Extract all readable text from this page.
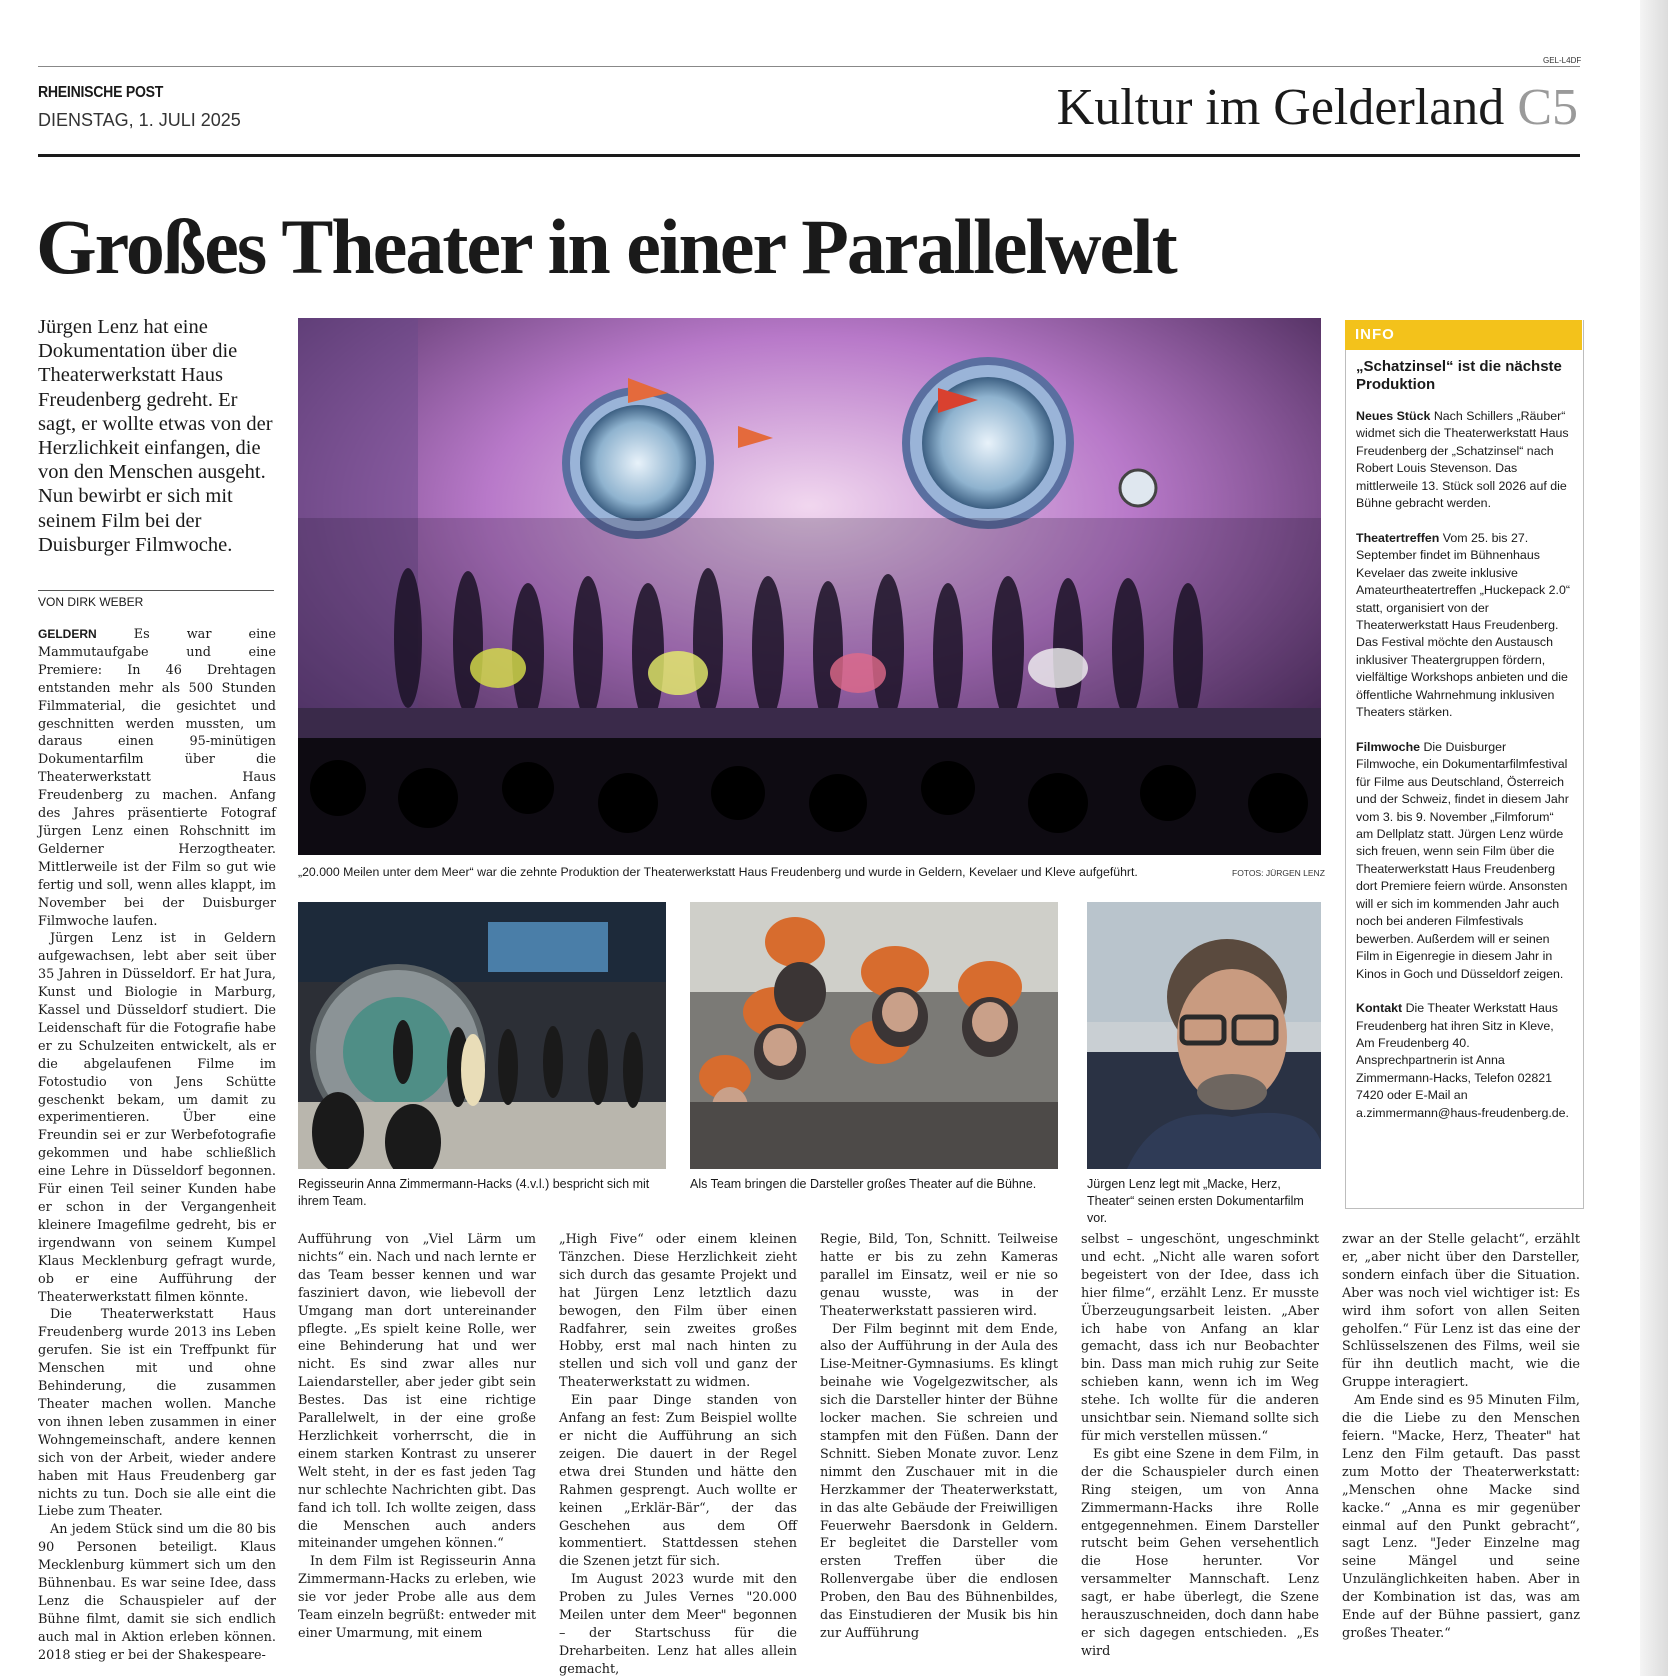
GEL-L4DF
RHEINISCHE POST
DIENSTAG, 1. JULI 2025	Kultur im Gelderland C5
Großes Theater in einer Parallelwelt
Jürgen Lenz hat eine Dokumentation über die Theaterwerkstatt Haus Freudenberg gedreht. Er sagt, er wollte etwas von der Herzlichkeit einfangen, die von den Menschen ausgeht. Nun bewirbt er sich mit seinem Film bei der Duisburger Filmwoche.
VON DIRK WEBER
„20.000 Meilen unter dem Meer“ war die zehnte Produktion der Theaterwerkstatt Haus Freudenberg und wurde in Geldern, Kevelaer und Kleve aufgeführt.	FOTOS: JÜRGEN LENZ
Regisseurin Anna Zimmermann-Hacks (4.v.l.) bespricht sich mit ihrem Team.
Als Team bringen die Darsteller großes Theater auf die Bühne.	Jürgen Lenz legt mit „Macke, Herz, Theater“ seinen ersten Dokumentarfilm vor.

GELDERN	Es war eine Mammutaufgabe und eine Premiere: In 46 Drehtagen entstanden mehr als 500 Stunden Filmmaterial, die gesichtet und geschnitten werden mussten, um daraus einen 95-minütigen Dokumentarfilm über die Theaterwerkstatt Haus Freudenberg zu machen. Anfang des Jahres präsentierte Fotograf Jürgen Lenz einen Rohschnitt im Gelderner Herzogtheater. Mittlerweile ist der Film so gut wie fertig und soll, wenn alles klappt, im November bei der Duisburger Filmwoche laufen.

Jürgen Lenz ist in Geldern aufgewachsen, lebt aber seit über 35 Jahren in Düsseldorf. Er hat Jura, Kunst und Biologie in Marburg, Kassel und Düsseldorf studiert. Die Leidenschaft für die Fotografie habe er zu Schulzeiten entwickelt, als er die abgelaufenen Filme im Fotostudio von Jens Schütte geschenkt bekam, um damit zu experimentieren. Über eine Freundin sei er zur Werbefotografie gekommen und habe schließlich eine Lehre in Düsseldorf begonnen. Für einen Teil seiner Kunden habe er schon in der Vergangenheit kleinere Imagefilme gedreht, bis er irgendwann von seinem Kumpel Klaus Mecklenburg gefragt wurde, ob er eine Aufführung der Theaterwerkstatt filmen könnte.

Die Theaterwerkstatt Haus Freudenberg wurde 2013 ins Leben gerufen. Sie ist ein Treffpunkt für Menschen mit und ohne Behinderung, die zusammen Theater machen wollen. Manche von ihnen leben zusammen in einer Wohngemeinschaft, andere kennen sich von der Arbeit, wieder andere haben mit Haus Freudenberg gar nichts zu tun. Doch sie alle eint die Liebe zum Theater.

An jedem Stück sind um die 80 bis 90 Personen beteiligt. Klaus Mecklenburg kümmert sich um den Bühnenbau. Es war seine Idee, dass Lenz die Schauspieler auf der Bühne filmt, damit sie sich endlich auch mal in Aktion erleben können. 2018 stieg er bei der Shakespeare-

Aufführung von „Viel Lärm um nichts“ ein. Nach und nach lernte er das Team besser kennen und war fasziniert davon, wie liebevoll der Umgang man dort untereinander pflegte. „Es spielt keine Rolle, wer eine Behinderung hat und wer nicht. Es sind zwar alles nur Laiendarsteller, aber jeder gibt sein Bestes. Das ist eine richtige Parallelwelt, in der eine große Herzlichkeit vorherrscht, die in einem starken Kontrast zu unserer Welt steht, in der es fast jeden Tag nur schlechte Nachrichten gibt. Das fand ich toll. Ich wollte zeigen, dass die Menschen auch anders miteinander umgehen können.“

In dem Film ist Regisseurin Anna Zimmermann-Hacks zu erleben, wie sie vor jeder Probe alle aus dem Team einzeln begrüßt: entweder mit einer Umarmung, mit einem

„High Five“ oder einem kleinen Tänzchen. Diese Herzlichkeit zieht sich durch das gesamte Projekt und hat Jürgen Lenz letztlich dazu bewogen, den Film über einen Radfahrer, sein zweites großes Hobby, erst mal nach hinten zu stellen und sich voll und ganz der Theaterwerkstatt zu widmen.

Ein paar Dinge standen von Anfang an fest: Zum Beispiel wollte er nicht die Aufführung an sich zeigen. Die dauert in der Regel etwa drei Stunden und hätte den Rahmen gesprengt. Auch wollte er keinen „Erklär-Bär“, der das Geschehen aus dem Off kommentiert. Stattdessen stehen die Szenen jetzt für sich.

Im August 2023 wurde mit den Proben zu Jules Vernes "20.000 Meilen unter dem Meer" begonnen – der Startschuss für die Dreharbeiten. Lenz hat alles allein gemacht,

Regie, Bild, Ton, Schnitt. Teilweise hatte er bis zu zehn Kameras parallel im Einsatz, weil er nie so genau wusste, was in der Theaterwerkstatt passieren wird.

Der Film beginnt mit dem Ende, also der Aufführung in der Aula des Lise-Meitner-Gymnasiums. Es klingt beinahe wie Vogelgezwitscher, als sich die Darsteller hinter der Bühne locker machen. Sie schreien und stampfen mit den Füßen. Dann der Schnitt. Sieben Monate zuvor. Lenz nimmt den Zuschauer mit in die Herzkammer der Theaterwerkstatt, in das alte Gebäude der Freiwilligen Feuerwehr Baersdonk in Geldern. Er begleitet die Darsteller vom ersten Treffen über die Rollenvergabe über die endlosen Proben, den Bau des Bühnenbildes, das Einstudieren der Musik bis hin zur Aufführung

selbst – ungeschönt, ungeschminkt und echt. „Nicht alle waren sofort begeistert von der Idee, dass ich hier filme“, erzählt Lenz. Er musste Überzeugungsarbeit leisten. „Aber ich habe von Anfang an klar gemacht, dass ich nur Beobachter bin. Dass man mich ruhig zur Seite schieben kann, wenn ich im Weg stehe. Ich wollte für die anderen unsichtbar sein. Niemand sollte sich für mich verstellen müssen.“

Es gibt eine Szene in dem Film, in der die Schauspieler durch einen Ring steigen, um von Anna Zimmermann-Hacks ihre Rolle entgegennehmen. Einem Darsteller rutscht beim Gehen versehentlich die Hose herunter. Vor versammelter Mannschaft. Lenz sagt, er habe überlegt, die Szene herauszuschneiden, doch dann habe er sich dagegen entschieden. „Es wird

zwar an der Stelle gelacht“, erzählt er, „aber nicht über den Darsteller, sondern einfach über die Situation. Aber was noch viel wichtiger ist: Es wird ihm sofort von allen Seiten geholfen.“ Für Lenz ist das eine der Schlüsselszenen des Films, weil sie für ihn deutlich macht, wie die Gruppe interagiert.

Am Ende sind es 95 Minuten Film, die die Liebe zu den Menschen feiern. "Macke, Herz, Theater" hat Lenz den Film getauft. Das passt zum Motto der Theaterwerkstatt: „Menschen ohne Macke sind kacke.“ „Anna es mir gegenüber einmal auf den Punkt gebracht“, sagt Lenz. "Jeder Einzelne mag seine Mängel und seine Unzulänglichkeiten haben. Aber in der Kombination ist das, was am Ende auf der Bühne passiert, ganz großes Theater.“

INFO
„Schatzinsel“ ist die nächste Produktion

Neues Stück Nach Schillers „Räuber“ widmet sich die Theaterwerkstatt Haus Freudenberg der „Schatzinsel“ nach Robert Louis Stevenson. Das mittlerweile 13. Stück soll 2026 auf die Bühne gebracht werden.

Theatertreffen Vom 25. bis 27. September findet im Bühnenhaus Kevelaer das zweite inklusive Amateurtheatertreffen „Huckepack 2.0“ statt, organisiert von der Theaterwerkstatt Haus Freudenberg. Das Festival möchte den Austausch inklusiver Theatergruppen fördern, vielfältige Workshops anbieten und die öffentliche Wahrnehmung inklusiven Theaters stärken.

Filmwoche Die Duisburger Filmwoche, ein Dokumentarfilmfestival für Filme aus Deutschland, Österreich und der Schweiz, findet in diesem Jahr vom 3. bis 9. November „Filmforum“ am Dellplatz statt. Jürgen Lenz würde sich freuen, wenn sein Film über die Theaterwerkstatt Haus Freudenberg dort Premiere feiern würde. Ansonsten will er sich im kommenden Jahr auch noch bei anderen Filmfestivals bewerben. Außerdem will er seinen Film in Eigenregie in diesem Jahr in Kinos in Goch und Düsseldorf zeigen.

Kontakt Die Theater Werkstatt Haus Freudenberg hat ihren Sitz in Kleve, Am Freudenberg 40. Ansprechpartnerin ist Anna Zimmermann-Hacks, Telefon 02821 7420 oder E-Mail an a.zimmermann@haus-freudenberg.de.
